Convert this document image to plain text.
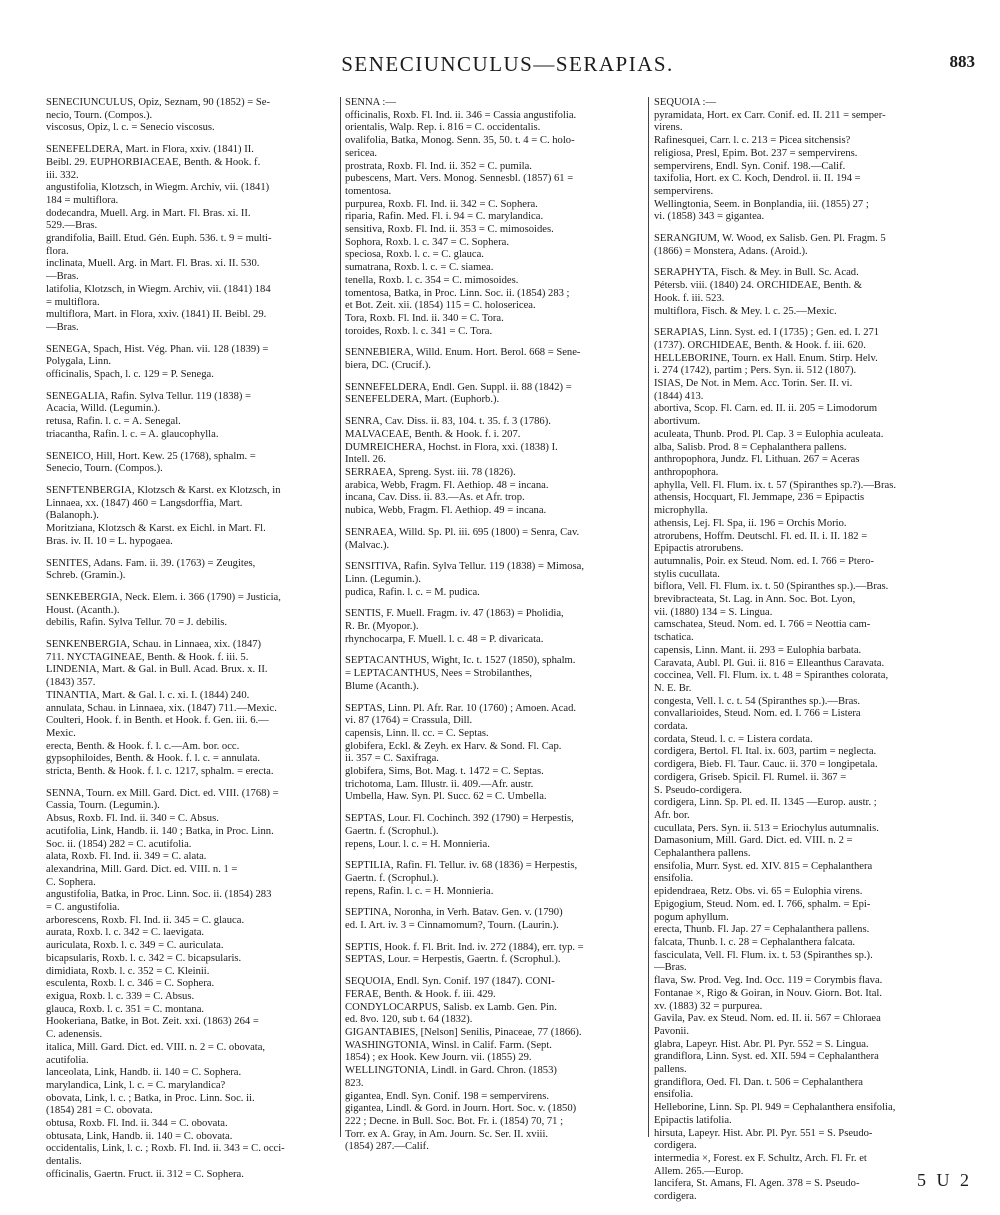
SENECIUNCULUS—SERAPIAS.	883
SENECIUNCULUS, Opiz, Seznam, 90 (1852) = Se-
necio, Tourn. (Compos.).
viscosus, Opiz, l. c. = Senecio viscosus.
SENEFELDERA, Mart. in Flora, xxiv. (1841) II.
Beibl. 29. EUPHORBIACEAE, Benth. & Hook. f.
iii. 332.
angustifolia, Klotzsch, in Wiegm. Archiv, vii. (1841)
184 = multiflora.
dodecandra, Muell. Arg. in Mart. Fl. Bras. xi. II.
529.—Bras.
grandifolia, Baill. Etud. Gén. Euph. 536. t. 9 = multi-
flora.
inclinata, Muell. Arg. in Mart. Fl. Bras. xi. II. 530.
—Bras.
latifolia, Klotzsch, in Wiegm. Archiv, vii. (1841) 184
= multiflora.
multiflora, Mart. in Flora, xxiv. (1841) II. Beibl. 29.
—Bras.
SENEGA, Spach, Hist. Vég. Phan. vii. 128 (1839) =
Polygala, Linn.
officinalis, Spach, l. c. 129 = P. Senega.
SENEGALIA, Rafin. Sylva Tellur. 119 (1838) =
Acacia, Willd. (Legumin.).
retusa, Rafin. l. c. = A. Senegal.
triacantha, Rafin. l. c. = A. glaucophylla.
SENEICO, Hill, Hort. Kew. 25 (1768), sphalm. =
Senecio, Tourn. (Compos.).
SENFTENBERGIA, Klotzsch & Karst. ex Klotzsch, in
Linnaea, xx. (1847) 460 = Langsdorffia, Mart.
(Balanoph.).
Moritziana, Klotzsch & Karst. ex Eichl. in Mart. Fl.
Bras. iv. II. 10 = L. hypogaea.
SENITES, Adans. Fam. ii. 39. (1763) = Zeugites,
Schreb. (Gramin.).
SENKEBERGIA, Neck. Elem. i. 366 (1790) = Justicia,
Houst. (Acanth.).
debilis, Rafin. Sylva Tellur. 70 = J. debilis.
SENKENBERGIA, Schau. in Linnaea, xix. (1847)
711. NYCTAGINEAE, Benth. & Hook. f. iii. 5.
LINDENIA, Mart. & Gal. in Bull. Acad. Brux. x. II.
(1843) 357.
TINANTIA, Mart. & Gal. l. c. xi. I. (1844) 240.
annulata, Schau. in Linnaea, xix. (1847) 711.—Mexic.
Coulteri, Hook. f. in Benth. et Hook. f. Gen. iii. 6.—
Mexic.
erecta, Benth. & Hook. f. l. c.—Am. bor. occ.
gypsophiloides, Benth. & Hook. f. l. c. = annulata.
stricta, Benth. & Hook. f. l. c. 1217, sphalm. = erecta.
SENNA, Tourn. ex Mill. Gard. Dict. ed. VIII. (1768) =
Cassia, Tourn. (Legumin.).
Absus, Roxb. Fl. Ind. ii. 340 = C. Absus.
acutifolia, Link, Handb. ii. 140 ; Batka, in Proc. Linn.
Soc. ii. (1854) 282 = C. acutifolia.
alata, Roxb. Fl. Ind. ii. 349 = C. alata.
alexandrina, Mill. Gard. Dict. ed. VIII. n. 1 =
C. Sophera.
angustifolia, Batka, in Proc. Linn. Soc. ii. (1854) 283
= C. angustifolia.
arborescens, Roxb. Fl. Ind. ii. 345 = C. glauca.
aurata, Roxb. l. c. 342 = C. laevigata.
auriculata, Roxb. l. c. 349 = C. auriculata.
bicapsularis, Roxb. l. c. 342 = C. bicapsularis.
dimidiata, Roxb. l. c. 352 = C. Kleinii.
esculenta, Roxb. l. c. 346 = C. Sophera.
exigua, Roxb. l. c. 339 = C. Absus.
glauca, Roxb. l. c. 351 = C. montana.
Hookeriana, Batke, in Bot. Zeit. xxi. (1863) 264 =
C. adenensis.
italica, Mill. Gard. Dict. ed. VIII. n. 2 = C. obovata,
acutifolia.
lanceolata, Link, Handb. ii. 140 = C. Sophera.
marylandica, Link, l. c. = C. marylandica?
obovata, Link, l. c. ; Batka, in Proc. Linn. Soc. ii.
(1854) 281 = C. obovata.
obtusa, Roxb. Fl. Ind. ii. 344 = C. obovata.
obtusata, Link, Handb. ii. 140 = C. obovata.
occidentalis, Link, l. c. ; Roxb. Fl. Ind. ii. 343 = C. occi-
dentalis.
officinalis, Gaertn. Fruct. ii. 312 = C. Sophera.
SENNA :—
officinalis, Roxb. Fl. Ind. ii. 346 = Cassia angustifolia.
orientalis, Walp. Rep. i. 816 = C. occidentalis.
ovalifolia, Batka, Monog. Senn. 35, 50. t. 4 = C. holo-
sericea.
prostrata, Roxb. Fl. Ind. ii. 352 = C. pumila.
pubescens, Mart. Vers. Monog. Sennesbl. (1857) 61 =
tomentosa.
purpurea, Roxb. Fl. Ind. ii. 342 = C. Sophera.
riparia, Rafin. Med. Fl. i. 94 = C. marylandica.
sensitiva, Roxb. Fl. Ind. ii. 353 = C. mimosoides.
Sophora, Roxb. l. c. 347 = C. Sophera.
speciosa, Roxb. l. c. = C. glauca.
sumatrana, Roxb. l. c. = C. siamea.
tenella, Roxb. l. c. 354 = C. mimosoides.
tomentosa, Batka, in Proc. Linn. Soc. ii. (1854) 283 ;
et Bot. Zeit. xii. (1854) 115 = C. holosericea.
Tora, Roxb. Fl. Ind. ii. 340 = C. Tora.
toroides, Roxb. l. c. 341 = C. Tora.
SENNEBIERA, Willd. Enum. Hort. Berol. 668 = Sene-
biera, DC. (Crucif.).
SENNEFELDERA, Endl. Gen. Suppl. ii. 88 (1842) =
SENEFELDERA, Mart. (Euphorb.).
SENRA, Cav. Diss. ii. 83, 104. t. 35. f. 3 (1786).
MALVACEAE, Benth. & Hook. f. i. 207.
DUMREICHERA, Hochst. in Flora, xxi. (1838) I.
Intell. 26.
SERRAEA, Spreng. Syst. iii. 78 (1826).
arabica, Webb, Fragm. Fl. Aethiop. 48 = incana.
incana, Cav. Diss. ii. 83.—As. et Afr. trop.
nubica, Webb, Fragm. Fl. Aethiop. 49 = incana.
SENRAEA, Willd. Sp. Pl. iii. 695 (1800) = Senra, Cav.
(Malvac.).
SENSITIVA, Rafin. Sylva Tellur. 119 (1838) = Mimosa,
Linn. (Legumin.).
pudica, Rafin. l. c. = M. pudica.
SENTIS, F. Muell. Fragm. iv. 47 (1863) = Pholidia,
R. Br. (Myopor.).
rhynchocarpa, F. Muell. l. c. 48 = P. divaricata.
SEPTACANTHUS, Wight, Ic. t. 1527 (1850), sphalm.
= LEPTACANTHUS, Nees = Strobilanthes,
Blume (Acanth.).
SEPTAS, Linn. Pl. Afr. Rar. 10 (1760) ; Amoen. Acad.
vi. 87 (1764) = Crassula, Dill.
capensis, Linn. ll. cc. = C. Septas.
globifera, Eckl. & Zeyh. ex Harv. & Sond. Fl. Cap.
ii. 357 = C. Saxifraga.
globifera, Sims, Bot. Mag. t. 1472 = C. Septas.
trichotoma, Lam. Illustr. ii. 409.—Afr. austr.
Umbella, Haw. Syn. Pl. Succ. 62 = C. Umbella.
SEPTAS, Lour. Fl. Cochinch. 392 (1790) = Herpestis,
Gaertn. f. (Scrophul.).
repens, Lour. l. c. = H. Monnieria.
SEPTILIA, Rafin. Fl. Tellur. iv. 68 (1836) = Herpestis,
Gaertn. f. (Scrophul.).
repens, Rafin. l. c. = H. Monnieria.
SEPTINA, Noronha, in Verh. Batav. Gen. v. (1790)
ed. I. Art. iv. 3 = Cinnamomum?, Tourn. (Laurin.).
SEPTIS, Hook. f. Fl. Brit. Ind. iv. 272 (1884), err. typ. =
SEPTAS, Lour. = Herpestis, Gaertn. f. (Scrophul.).
SEQUOIA, Endl. Syn. Conif. 197 (1847). CONI-
FERAE, Benth. & Hook. f. iii. 429.
CONDYLOCARPUS, Salisb. ex Lamb. Gen. Pin.
ed. 8vo. 120, sub t. 64 (1832).
GIGANTABIES, [Nelson] Senilis, Pinaceae, 77 (1866).
WASHINGTONIA, Winsl. in Calif. Farm. (Sept.
1854) ; ex Hook. Kew Journ. vii. (1855) 29.
WELLINGTONIA, Lindl. in Gard. Chron. (1853)
823.
gigantea, Endl. Syn. Conif. 198 = sempervirens.
gigantea, Lindl. & Gord. in Journ. Hort. Soc. v. (1850)
222 ; Decne. in Bull. Soc. Bot. Fr. i. (1854) 70, 71 ;
Torr. ex A. Gray, in Am. Journ. Sc. Ser. II. xviii.
(1854) 287.—Calif.
SEQUOIA :—
pyramidata, Hort. ex Carr. Conif. ed. II. 211 = semper-
virens.
Rafinesquei, Carr. l. c. 213 = Picea sitchensis?
religiosa, Presl, Epim. Bot. 237 = sempervirens.
sempervirens, Endl. Syn. Conif. 198.—Calif.
taxifolia, Hort. ex C. Koch, Dendrol. ii. II. 194 =
sempervirens.
Wellingtonia, Seem. in Bonplandia, iii. (1855) 27 ;
vi. (1858) 343 = gigantea.
SERANGIUM, W. Wood, ex Salisb. Gen. Pl. Fragm. 5
(1866) = Monstera, Adans. (Aroid.).
SERAPHYTA, Fisch. & Mey. in Bull. Sc. Acad.
Pétersb. viii. (1840) 24. ORCHIDEAE, Benth. &
Hook. f. iii. 523.
multiflora, Fisch. & Mey. l. c. 25.—Mexic.
SERAPIAS, Linn. Syst. ed. I (1735) ; Gen. ed. I. 271
(1737). ORCHIDEAE, Benth. & Hook. f. iii. 620.
HELLEBORINE, Tourn. ex Hall. Enum. Stirp. Helv.
i. 274 (1742), partim ; Pers. Syn. ii. 512 (1807).
ISIAS, De Not. in Mem. Acc. Torin. Ser. II. vi.
(1844) 413.
abortiva, Scop. Fl. Carn. ed. II. ii. 205 = Limodorum
abortivum.
aculeata, Thunb. Prod. Pl. Cap. 3 = Eulophia aculeata.
alba, Salisb. Prod. 8 = Cephalanthera pallens.
anthropophora, Jundz. Fl. Lithuan. 267 = Aceras
anthropophora.
aphylla, Vell. Fl. Flum. ix. t. 57 (Spiranthes sp.?).—Bras.
athensis, Hocquart, Fl. Jemmape, 236 = Epipactis
microphylla.
athensis, Lej. Fl. Spa, ii. 196 = Orchis Morio.
atrorubens, Hoffm. Deutschl. Fl. ed. II. i. II. 182 =
Epipactis atrorubens.
autumnalis, Poir. ex Steud. Nom. ed. I. 766 = Ptero-
stylis cucullata.
biflora, Vell. Fl. Flum. ix. t. 50 (Spiranthes sp.).—Bras.
brevibracteata, St. Lag. in Ann. Soc. Bot. Lyon,
vii. (1880) 134 = S. Lingua.
camschatea, Steud. Nom. ed. I. 766 = Neottia cam-
tschatica.
capensis, Linn. Mant. ii. 293 = Eulophia barbata.
Caravata, Aubl. Pl. Gui. ii. 816 = Elleanthus Caravata.
coccinea, Vell. Fl. Flum. ix. t. 48 = Spiranthes colorata,
N. E. Br.
congesta, Vell. l. c. t. 54 (Spiranthes sp.).—Bras.
convallarioides, Steud. Nom. ed. I. 766 = Listera
cordata.
cordata, Steud. l. c. = Listera cordata.
cordigera, Bertol. Fl. Ital. ix. 603, partim = neglecta.
cordigera, Bieb. Fl. Taur. Cauc. ii. 370 = longipetala.
cordigera, Griseb. Spicil. Fl. Rumel. ii. 367 =
S. Pseudo-cordigera.
cordigera, Linn. Sp. Pl. ed. II. 1345 —Europ. austr. ;
Afr. bor.
cucullata, Pers. Syn. ii. 513 = Eriochylus autumnalis.
Damasonium, Mill. Gard. Dict. ed. VIII. n. 2 =
Cephalanthera pallens.
ensifolia, Murr. Syst. ed. XIV. 815 = Cephalanthera
ensifolia.
epidendraea, Retz. Obs. vi. 65 = Eulophia virens.
Epigogium, Steud. Nom. ed. I. 766, sphalm. = Epi-
pogum aphyllum.
erecta, Thunb. Fl. Jap. 27 = Cephalanthera pallens.
falcata, Thunb. l. c. 28 = Cephalanthera falcata.
fasciculata, Vell. Fl. Flum. ix. t. 53 (Spiranthes sp.).
—Bras.
flava, Sw. Prod. Veg. Ind. Occ. 119 = Corymbis flava.
Fontanae ×, Rigo & Goiran, in Nouv. Giorn. Bot. Ital.
xv. (1883) 32 = purpurea.
Gavila, Pav. ex Steud. Nom. ed. II. ii. 567 = Chloraea
Pavonii.
glabra, Lapeyr. Hist. Abr. Pl. Pyr. 552 = S. Lingua.
grandiflora, Linn. Syst. ed. XII. 594 = Cephalanthera
pallens.
grandiflora, Oed. Fl. Dan. t. 506 = Cephalanthera
ensifolia.
Helleborine, Linn. Sp. Pl. 949 = Cephalanthera ensifolia,
Epipactis latifolia.
hirsuta, Lapeyr. Hist. Abr. Pl. Pyr. 551 = S. Pseudo-
cordigera.
intermedia ×, Forest. ex F. Schultz, Arch. Fl. Fr. et
Allem. 265.—Europ.
lancifera, St. Amans, Fl. Agen. 378 = S. Pseudo-
cordigera.
5 U 2
